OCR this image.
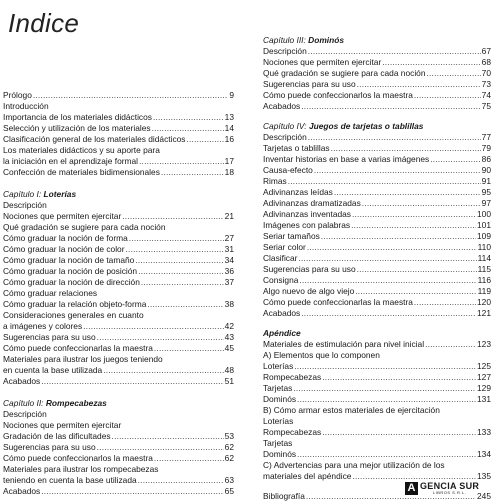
Indice
Prólogo .....	9
Introducción
Importancia de los materiales didácticos .....	13
Selección y utilización de los materiales .....	14
Clasificación general de los materiales didácticos .....	16
Los materiales didácticos y su aporte para
la iniciación en el aprendizaje formal .....	17
Confección de materiales bidimensionales .....	18
Capítulo I: Loterías
Descripción
Nociones que permiten ejercitar .....	21
Qué gradación se sugiere para cada noción
Cómo graduar la noción de forma .....	27
Cómo graduar la noción de color .....	31
Cómo graduar la noción de tamaño .....	34
Cómo graduar la noción de posición .....	36
Cómo graduar la noción de dirección .....	37
Cómo graduar relaciones
Cómo graduar la relación objeto-forma .....	38
Consideraciones generales en cuanto
a imágenes y colores .....	42
Sugerencias para su uso .....	43
Cómo puede confeccionarlas la maestra .....	45
Materiales para ilustrar los juegos teniendo
en cuenta la base utilizada .....	48
Acabados .....	51
Capítulo II: Rompecabezas
Descripción
Nociones que permiten ejercitar
Gradación de las dificultades .....	53
Sugerencias para su uso .....	62
Cómo puede confeccionarlos la maestra .....	62
Materiales para ilustrar los rompecabezas
teniendo en cuenta la base utilizada .....	63
Acabados .....	65
Capítulo III: Dominós
Descripción .....	67
Nociones que permiten ejercitar .....	68
Qué gradación se sugiere para cada noción .....	70
Sugerencias para su uso .....	73
Cómo puede confeccionarlos la maestra .....	74
Acabados .....	75
Capítulo IV: Juegos de tarjetas o tablillas
Descripción .....	77
Tarjetas o tablillas .....	79
Inventar historias en base a varias imágenes .....	86
Causa-efecto .....	90
Rimas .....	91
Adivinanzas leídas .....	95
Adivinanzas dramatizadas .....	97
Adivinanzas inventadas .....	100
Imágenes con palabras .....	101
Seriar tamaños .....	109
Seriar color .....	110
Clasificar .....	114
Sugerencias para su uso .....	115
Consigna .....	116
Algo nuevo de algo viejo .....	119
Cómo puede confeccionarlas la maestra .....	120
Acabados .....	121
Apéndice
Materiales de estimulación para nivel inicial .....	123
A) Elementos que lo componen
Loterías .....	125
Rompecabezas .....	127
Tarjetas .....	129
Dominós .....	131
B) Cómo armar estos materiales de ejercitación
Loterías
Rompecabezas .....	133
Tarjetas
Dominós .....	134
C) Advertencias para una mejor utilización de los
materiales del apéndice .....	135
Bibliografía .....	245
A GENCIA SUR
LIBROS S.R.L.
